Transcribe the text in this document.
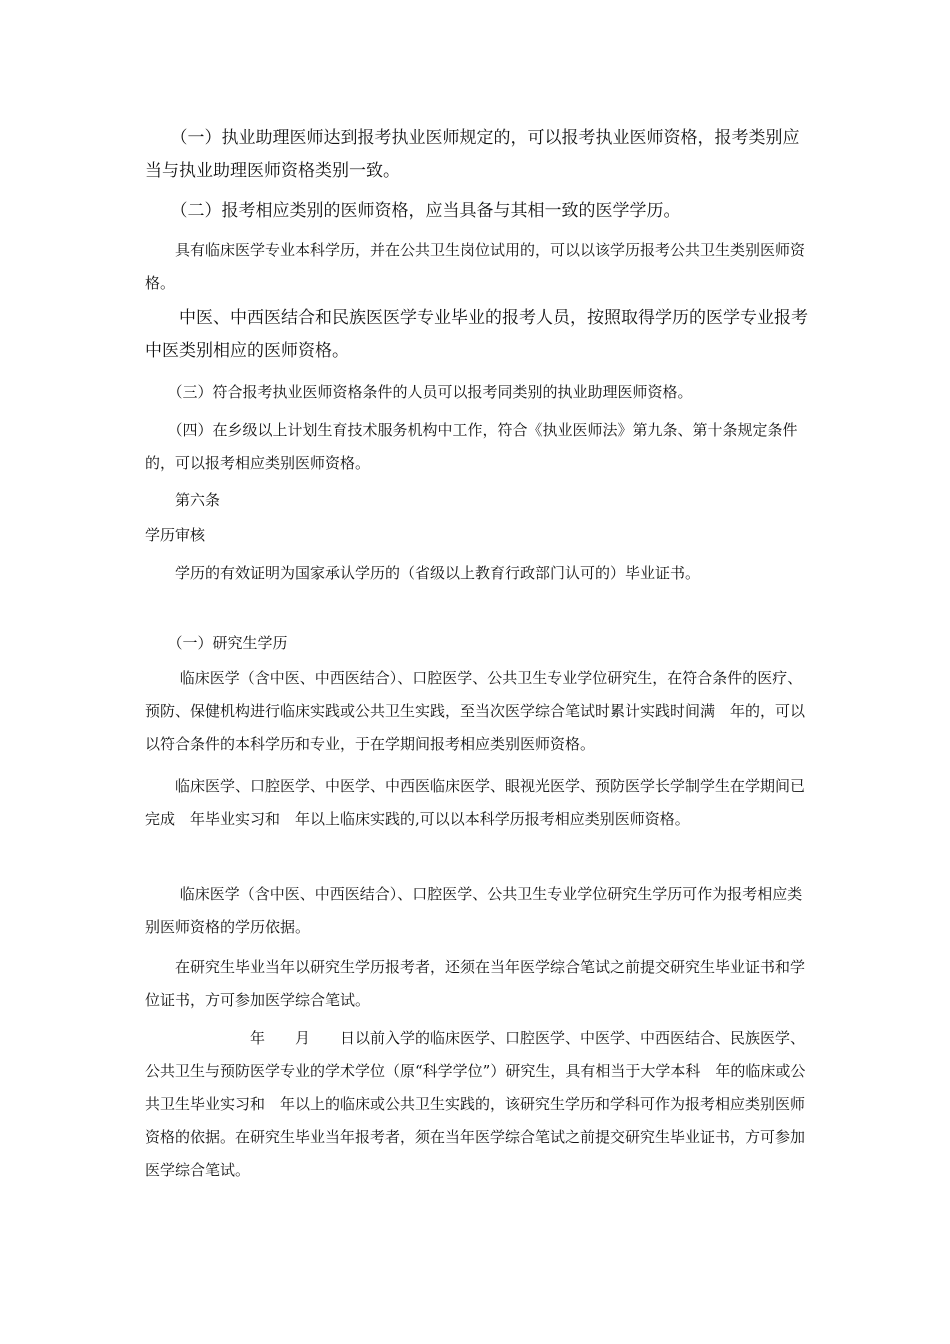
　　（一）执业助理医师达到报考执业医师规定的，可以报考执业医师资格，报考类别应当与执业助理医师资格类别一致。

　　（二）报考相应类别的医师资格，应当具备与其相一致的医学学历。

　　具有临床医学专业本科学历，并在公共卫生岗位试用的，可以以该学历报考公共卫生类别医师资格。

　　中医、中西医结合和民族医医学专业毕业的报考人员，按照取得学历的医学专业报考中医类别相应的医师资格。

　　（三）符合报考执业医师资格条件的人员可以报考同类别的执业助理医师资格。

　　（四）在乡级以上计划生育技术服务机构中工作，符合《执业医师法》第九条、第十条规定条件的，可以报考相应类别医师资格。

　　第六条

学历审核

　　学历的有效证明为国家承认学历的（省级以上教育行政部门认可的）毕业证书。

　　（一）研究生学历

　　 临床医学（含中医、中西医结合）、口腔医学、公共卫生专业学位研究生，在符合条件的医疗、预防、保健机构进行临床实践或公共卫生实践，至当次医学综合笔试时累计实践时间满　年的，可以以符合条件的本科学历和专业，于在学期间报考相应类别医师资格。

　　临床医学、口腔医学、中医学、中西医临床医学、眼视光医学、预防医学长学制学生在学期间已完成　年毕业实习和　年以上临床实践的,可以以本科学历报考相应类别医师资格。

　　 临床医学（含中医、中西医结合）、口腔医学、公共卫生专业学位研究生学历可作为报考相应类别医师资格的学历依据。

　　在研究生毕业当年以研究生学历报考者，还须在当年医学综合笔试之前提交研究生毕业证书和学位证书，方可参加医学综合笔试。

　　　　　　　年　　月　　日以前入学的临床医学、口腔医学、中医学、中西医结合、民族医学、公共卫生与预防医学专业的学术学位（原“科学学位”）研究生，具有相当于大学本科　年的临床或公共卫生毕业实习和　年以上的临床或公共卫生实践的，该研究生学历和学科可作为报考相应类别医师资格的依据。在研究生毕业当年报考者，须在当年医学综合笔试之前提交研究生毕业证书，方可参加医学综合笔试。
